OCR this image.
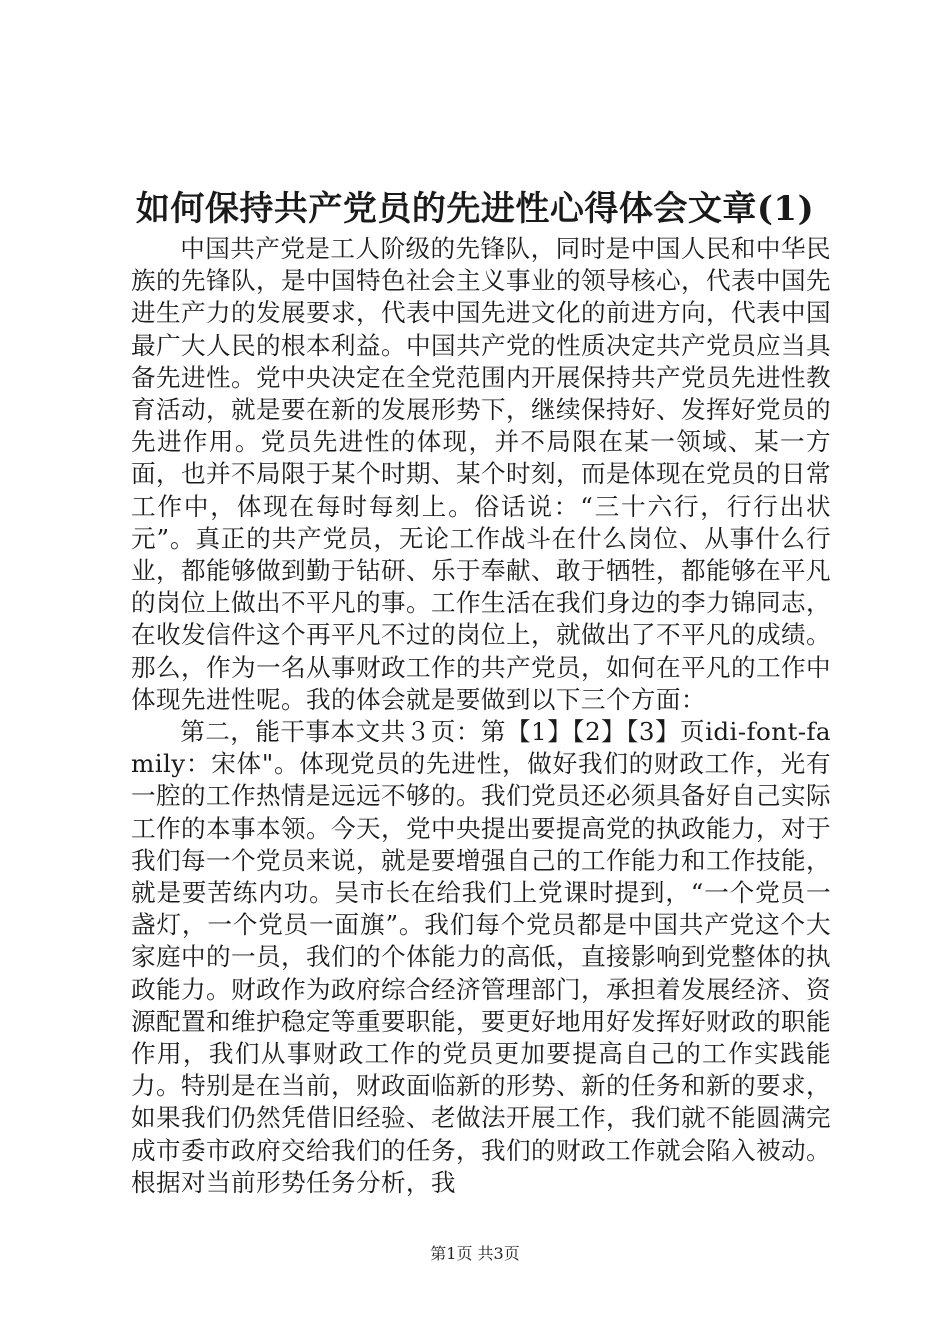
如何保持共产党员的先进性心得体会文章(1)

中国共产党是工人阶级的先锋队，同时是中国人民和中华民族的先锋队，是中国特色社会主义事业的领导核心，代表中国先进生产力的发展要求，代表中国先进文化的前进方向，代表中国最广大人民的根本利益。中国共产党的性质决定共产党员应当具备先进性。党中央决定在全党范围内开展保持共产党员先进性教育活动，就是要在新的发展形势下，继续保持好、发挥好党员的先进作用。党员先进性的体现，并不局限在某一领域、某一方面，也并不局限于某个时期、某个时刻，而是体现在党员的日常工作中，体现在每时每刻上。俗话说：“三十六行，行行出状元”。真正的共产党员，无论工作战斗在什么岗位、从事什么行业，都能够做到勤于钻研、乐于奉献、敢于牺牲，都能够在平凡的岗位上做出不平凡的事。工作生活在我们身边的李力锦同志，在收发信件这个再平凡不过的岗位上，就做出了不平凡的成绩。那么，作为一名从事财政工作的共产党员，如何在平凡的工作中体现先进性呢。我的体会就是要做到以下三个方面：

第二，能干事本文共３页：第【1】【2】【3】页idi-font-family：宋体"。体现党员的先进性，做好我们的财政工作，光有一腔的工作热情是远远不够的。我们党员还必须具备好自己实际工作的本事本领。今天，党中央提出要提高党的执政能力，对于我们每一个党员来说，就是要增强自己的工作能力和工作技能，就是要苦练内功。吴市长在给我们上党课时提到，“一个党员一盏灯，一个党员一面旗”。我们每个党员都是中国共产党这个大家庭中的一员，我们的个体能力的高低，直接影响到党整体的执政能力。财政作为政府综合经济管理部门，承担着发展经济、资源配置和维护稳定等重要职能，要更好地用好发挥好财政的职能作用，我们从事财政工作的党员更加要提高自己的工作实践能力。特别是在当前，财政面临新的形势、新的任务和新的要求，如果我们仍然凭借旧经验、老做法开展工作，我们就不能圆满完成市委市政府交给我们的任务，我们的财政工作就会陷入被动。根据对当前形势任务分析，我

第1页 共3页
